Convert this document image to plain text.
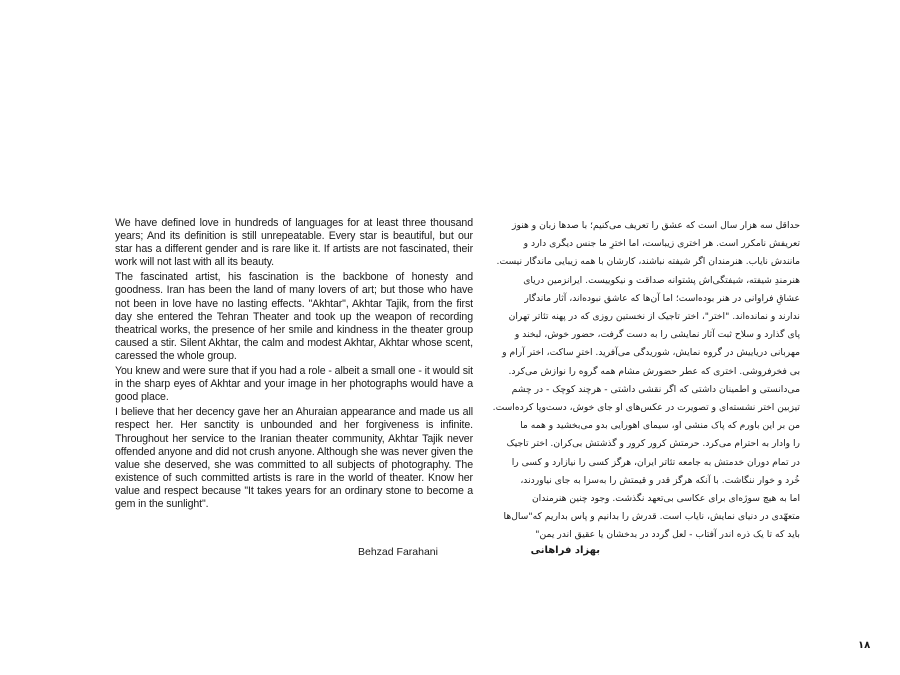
We have defined love in hundreds of languages for at least three thousand years; And its definition is still unrepeatable. Every star is beautiful, but our star has a different gender and is rare like it. If artists are not fascinated, their work will not last with all its beauty.

The fascinated artist, his fascination is the backbone of honesty and goodness. Iran has been the land of many lovers of art; but those who have not been in love have no lasting effects. "Akhtar", Akhtar Tajik, from the first day she entered the Tehran Theater and took up the weapon of recording theatrical works, the presence of her smile and kindness in the theater group caused a stir. Silent Akhtar, the calm and modest Akhtar, Akhtar whose scent, caressed the whole group.

You knew and were sure that if you had a role - albeit a small one - it would sit in the sharp eyes of Akhtar and your image in her photographs would have a good place.

I believe that her decency gave her an Ahuraian appearance and made us all respect her. Her sanctity is unbounded and her forgiveness is infinite. Throughout her service to the Iranian theater community, Akhtar Tajik never offended anyone and did not crush anyone. Although she was never given the value she deserved, she was committed to all subjects of photography. The existence of such committed artists is rare in the world of theater. Know her value and respect because "It takes years for an ordinary stone to become a gem in the sunlight".

حداقل سه هزار سال است که عشق را تعریف می‌کنیم؛ با صدها زبان و هنوز
تعریفش نامکرر است. هر اختری زیباست، اما اخترِ ما جنس دیگری دارد و
مانندش نایاب. هنرمندان اگر شیفته نباشند، کارشان با همه زیبایی ماندگار نیست.
هنرمندِ شیفته، شیفتگی‌اش پشتوانه صداقت و نیکوییست. ایرانزمین دریای
عشاقِ فراوانی در هنر بوده‌است؛ اما آن‌ها که عاشق نبوده‌اند، آثار ماندگار
ندارند و نمانده‌اند. "اختر"، اختر تاجیک از نخستین روزی که در پهنه تئاتر تهران
پای گذارد و سلاح ثبت آثار نمایشی را به دست گرفت، حضور خوش، لبخند و
مهربانی دریاییش در گروه نمایش، شوریدگی می‌آفرید. اخترِ ساکت، اختر آرام و
بی فخرفروشی. اختری که عطر حضورش مشام همه گروه را نوازش می‌کرد.
می‌دانستی و اطمینان داشتی که اگر نقشی داشتی - هرچند کوچک - در چشم
تیزبین اختر نشسته‌ای و تصویرت در عکس‌های او جای خوش، دست‌وپا کرده‌است.
من بر این باورم که پاک منشی او، سیمای اهورایی بدو می‌بخشید و همه ما
را وادار به احترام می‌کرد. حرمتش کرور کرور و گذشتش بی‌کران. اختر تاجیک
در تمام دوران خدمتش به جامعه تئاتر ایران، هرگز کسی را نیازارد و کسی را
خُرد و خوار ننگاشت. با آنکه هرگز قدر و قیمتش را به‌سزا به جای نیاوردند،
اما به هیچ سوژه‌ای برای عکاسی بی‌تعهد نگذشت. وجود چنین هنرمندان
متعهّدی در دنیای نمایش، نایاب است. قدرش را بدانیم و پاس بداریم که"سال‌ها
باید که تا یک ذره اندر آفتاب - لعل گردد در بدخشان یا عقیق اندر یمن"
Behzad Farahani	بهزاد فراهانی
۱۸
